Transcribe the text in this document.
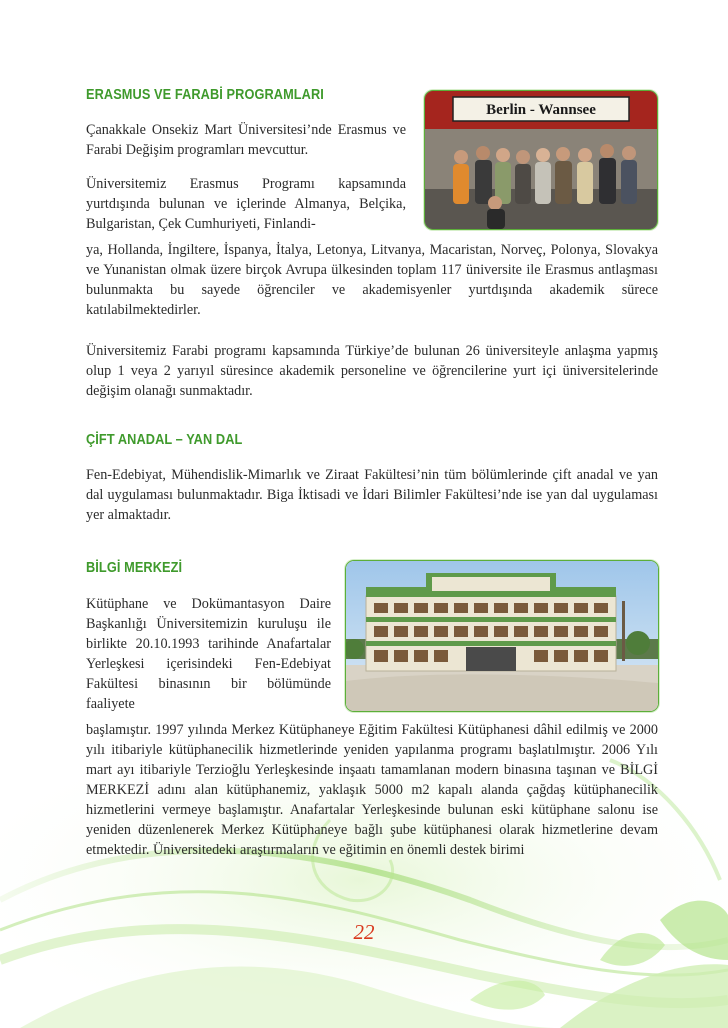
ERASMUS VE FARABİ PROGRAMLARI

Çanakkale Onsekiz Mart Üniversitesi’nde Erasmus ve Farabi Değişim programları mevcuttur.

Üniversitemiz Erasmus Programı kapsamında yurtdışında bulunan ve içlerinde Almanya, Belçika, Bulgaristan, Çek Cumhuriyeti, Finlandi-

ya, Hollanda, İngiltere, İspanya, İtalya, Letonya, Litvanya, Macaristan, Norveç, Polonya, Slovakya ve Yunanistan olmak üzere birçok Avrupa ülkesinden toplam 117 üniversite ile Erasmus antlaşması bulunmakta bu sayede öğrenciler ve akademisyenler yurtdışında akademik sürece katılabilmektedirler.

Üniversitemiz Farabi programı kapsamında Türkiye’de bulunan 26 üniversiteyle anlaşma yapmış olup 1 veya 2 yarıyıl süresince akademik personeline ve öğrencilerine yurt içi üniversitelerinde değişim olanağı sunmaktadır.

ÇİFT ANADAL – YAN DAL

Fen-Edebiyat, Mühendislik-Mimarlık ve Ziraat Fakültesi’nin tüm bölümlerinde çift anadal ve yan dal uygulaması bulunmaktadır. Biga İktisadi ve İdari Bilimler Fakültesi’nde ise yan dal uygulaması yer almaktadır.

BİLGİ MERKEZİ

Kütüphane ve Dokümantasyon Daire Başkanlığı Üniversitemizin kuruluşu ile birlikte 20.10.1993 tarihinde Anafartalar Yerleşkesi içerisindeki Fen-Edebiyat Fakültesi binasının bir bölümünde faaliyete

başlamıştır. 1997 yılında Merkez Kütüphaneye Eğitim Fakültesi Kütüphanesi dâhil edilmiş ve 2000 yılı itibariyle kütüphanecilik hizmetlerinde yeniden yapılanma programı başlatılmıştır. 2006 Yılı mart ayı itibariyle Terzioğlu Yerleşkesinde inşaatı tamamlanan modern binasına taşınan ve BİLGİ MERKEZİ adını alan kütüphanemiz, yaklaşık 5000 m2 kapalı alanda çağdaş kütüphanecilik hizmetlerini vermeye başlamıştır. Anafartalar Yerleşkesinde bulunan eski kütüphane salonu ise yeniden düzenlenerek Merkez Kütüphaneye bağlı şube kütüphanesi olarak hizmetlerine devam etmektedir. Üniversitedeki araştırmaların ve eğitimin en önemli destek birimi

Berlin - Wannsee
22
